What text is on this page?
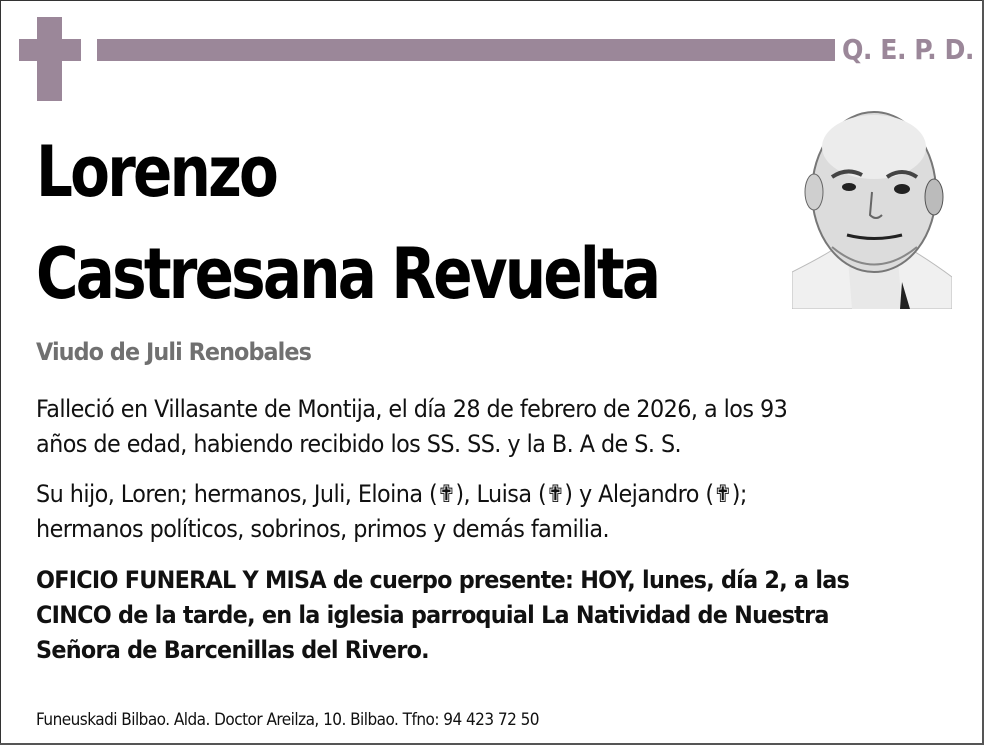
Q. E. P. D.
Lorenzo
Castresana Revuelta
Viudo de Juli Renobales
Falleció en Villasante de Montija, el día 28 de febrero de 2026, a los 93
años de edad, habiendo recibido los SS. SS. y la B. A de S. S.
Su hijo, Loren; hermanos, Juli, Eloina (✟), Luisa (✟) y Alejandro (✟);
hermanos políticos, sobrinos, primos y demás familia.
OFICIO FUNERAL Y MISA de cuerpo presente: HOY, lunes, día 2, a las
CINCO de la tarde, en la iglesia parroquial La Natividad de Nuestra
Señora de Barcenillas del Rivero.
Funeuskadi Bilbao. Alda. Doctor Areilza, 10. Bilbao. Tfno: 94 423 72 50
